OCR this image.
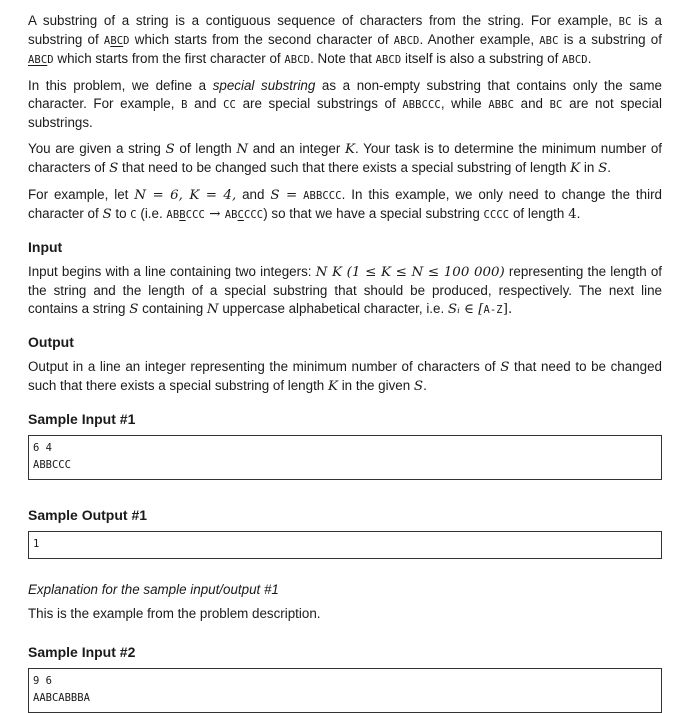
A substring of a string is a contiguous sequence of characters from the string. For example, BC is a substring of ABCD which starts from the second character of ABCD. Another example, ABC is a substring of ABCD which starts from the first character of ABCD. Note that ABCD itself is also a substring of ABCD.

In this problem, we define a special substring as a non-empty substring that contains only the same character. For example, B and CC are special substrings of ABBCCC, while ABBC and BC are not special substrings.

You are given a string S of length N and an integer K. Your task is to determine the minimum number of characters of S that need to be changed such that there exists a special substring of length K in S.

For example, let N = 6, K = 4, and S = ABBCCC. In this example, we only need to change the third character of S to C (i.e. ABBCCC → ABCCCC) so that we have a special substring CCCC of length 4.

Input

Input begins with a line containing two integers: N K (1 ≤ K ≤ N ≤ 100 000) representing the length of the string and the length of a special substring that should be produced, respectively. The next line contains a string S containing N uppercase alphabetical character, i.e. Sᵢ ∈ [A-Z].

Output

Output in a line an integer representing the minimum number of characters of S that need to be changed such that there exists a special substring of length K in the given S.

Sample Input #1
6 4
ABBCCC
Sample Output #1
1

Explanation for the sample input/output #1

This is the example from the problem description.

Sample Input #2
9 6
AABCABBBA
